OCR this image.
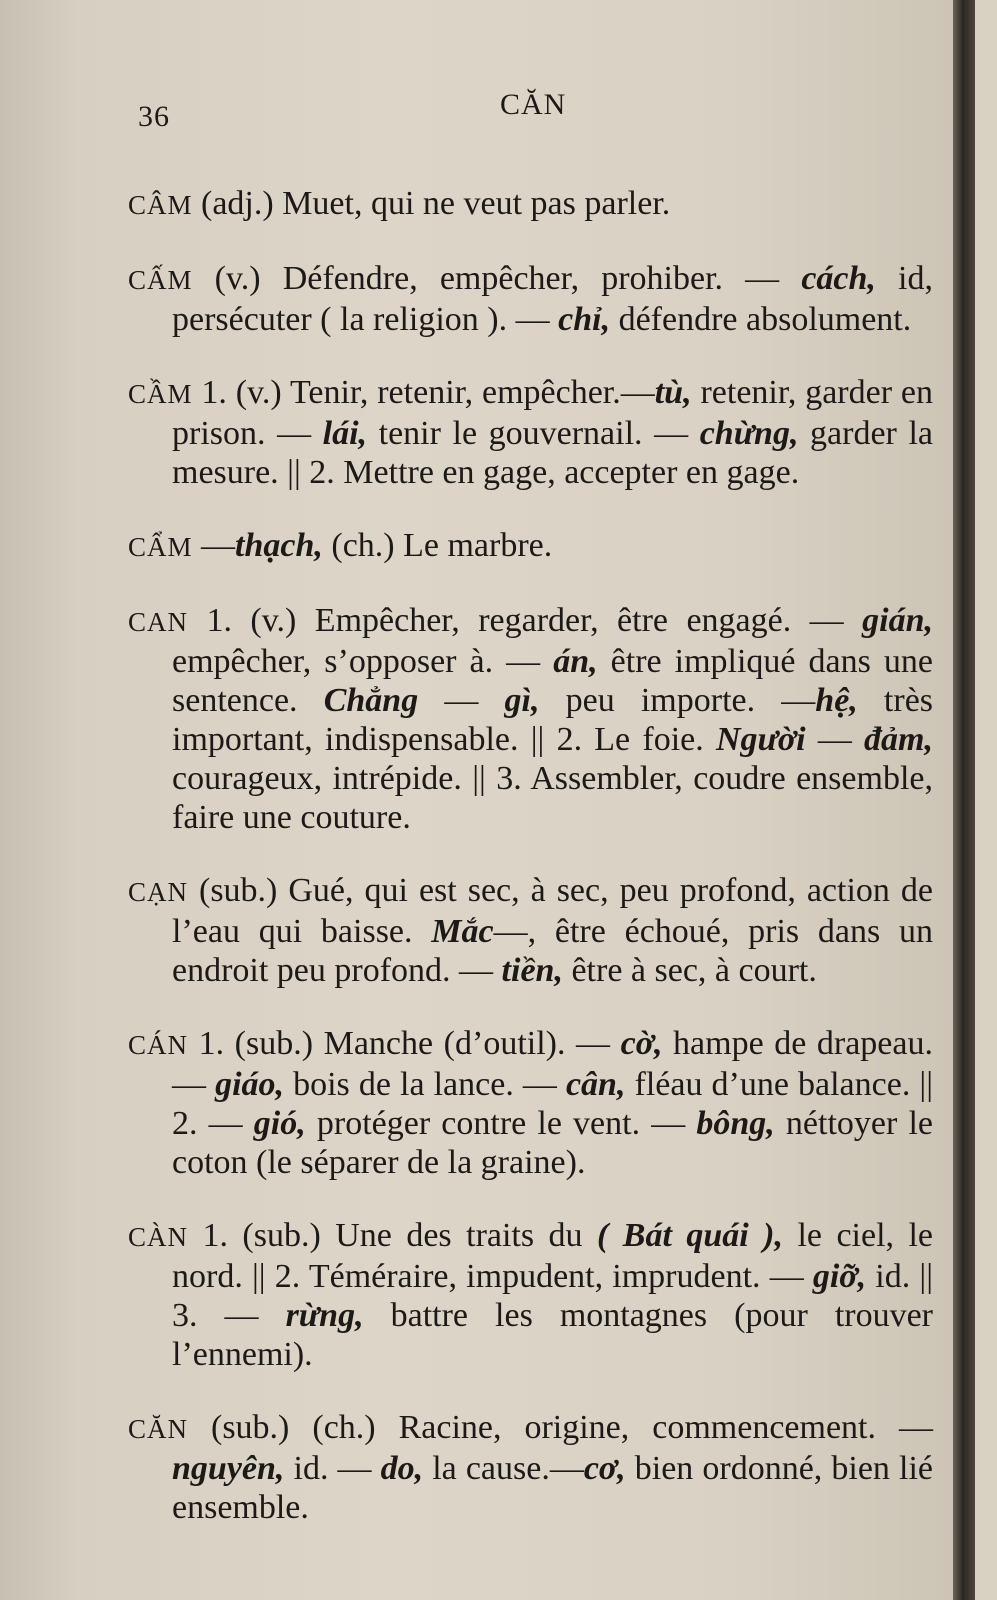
36	CĂN

CÂM (adj.) Muet, qui ne veut pas parler.

CẤM (v.) Défendre, empêcher, prohiber. — cách, id, persécuter ( la religion ). — chỉ, défendre absolument.

CẦM 1. (v.) Tenir, retenir, empêcher.—tù, retenir, garder en prison. — lái, tenir le gouvernail. — chừng, garder la mesure. || 2. Mettre en gage, accepter en gage.

CẨM —thạch, (ch.) Le marbre.

CAN 1. (v.) Empêcher, regarder, être engagé. — gián, empêcher, s’opposer à. — án, être impliqué dans une sentence. Chẳng — gì, peu importe. —hệ, très important, indispensable. || 2. Le foie. Người — đảm, courageux, intrépide. || 3. Assembler, coudre ensemble, faire une couture.

CẠN (sub.) Gué, qui est sec, à sec, peu profond, action de l’eau qui baisse. Mắc—, être échoué, pris dans un endroit peu profond. — tiền, être à sec, à court.

CÁN 1. (sub.) Manche (d’outil). — cờ, hampe de drapeau. — giáo, bois de la lance. — cân, fléau d’une balance. || 2. — gió, protéger contre le vent. — bông, néttoyer le coton (le séparer de la graine).

CÀN 1. (sub.) Une des traits du ( Bát quái ), le ciel, le nord. || 2. Téméraire, impudent, imprudent. — giỡ, id. || 3. — rừng, battre les montagnes (pour trouver l’ennemi).

CĂN (sub.) (ch.) Racine, origine, commencement. — nguyên, id. — do, la cause.—cơ, bien ordonné, bien lié ensemble.
